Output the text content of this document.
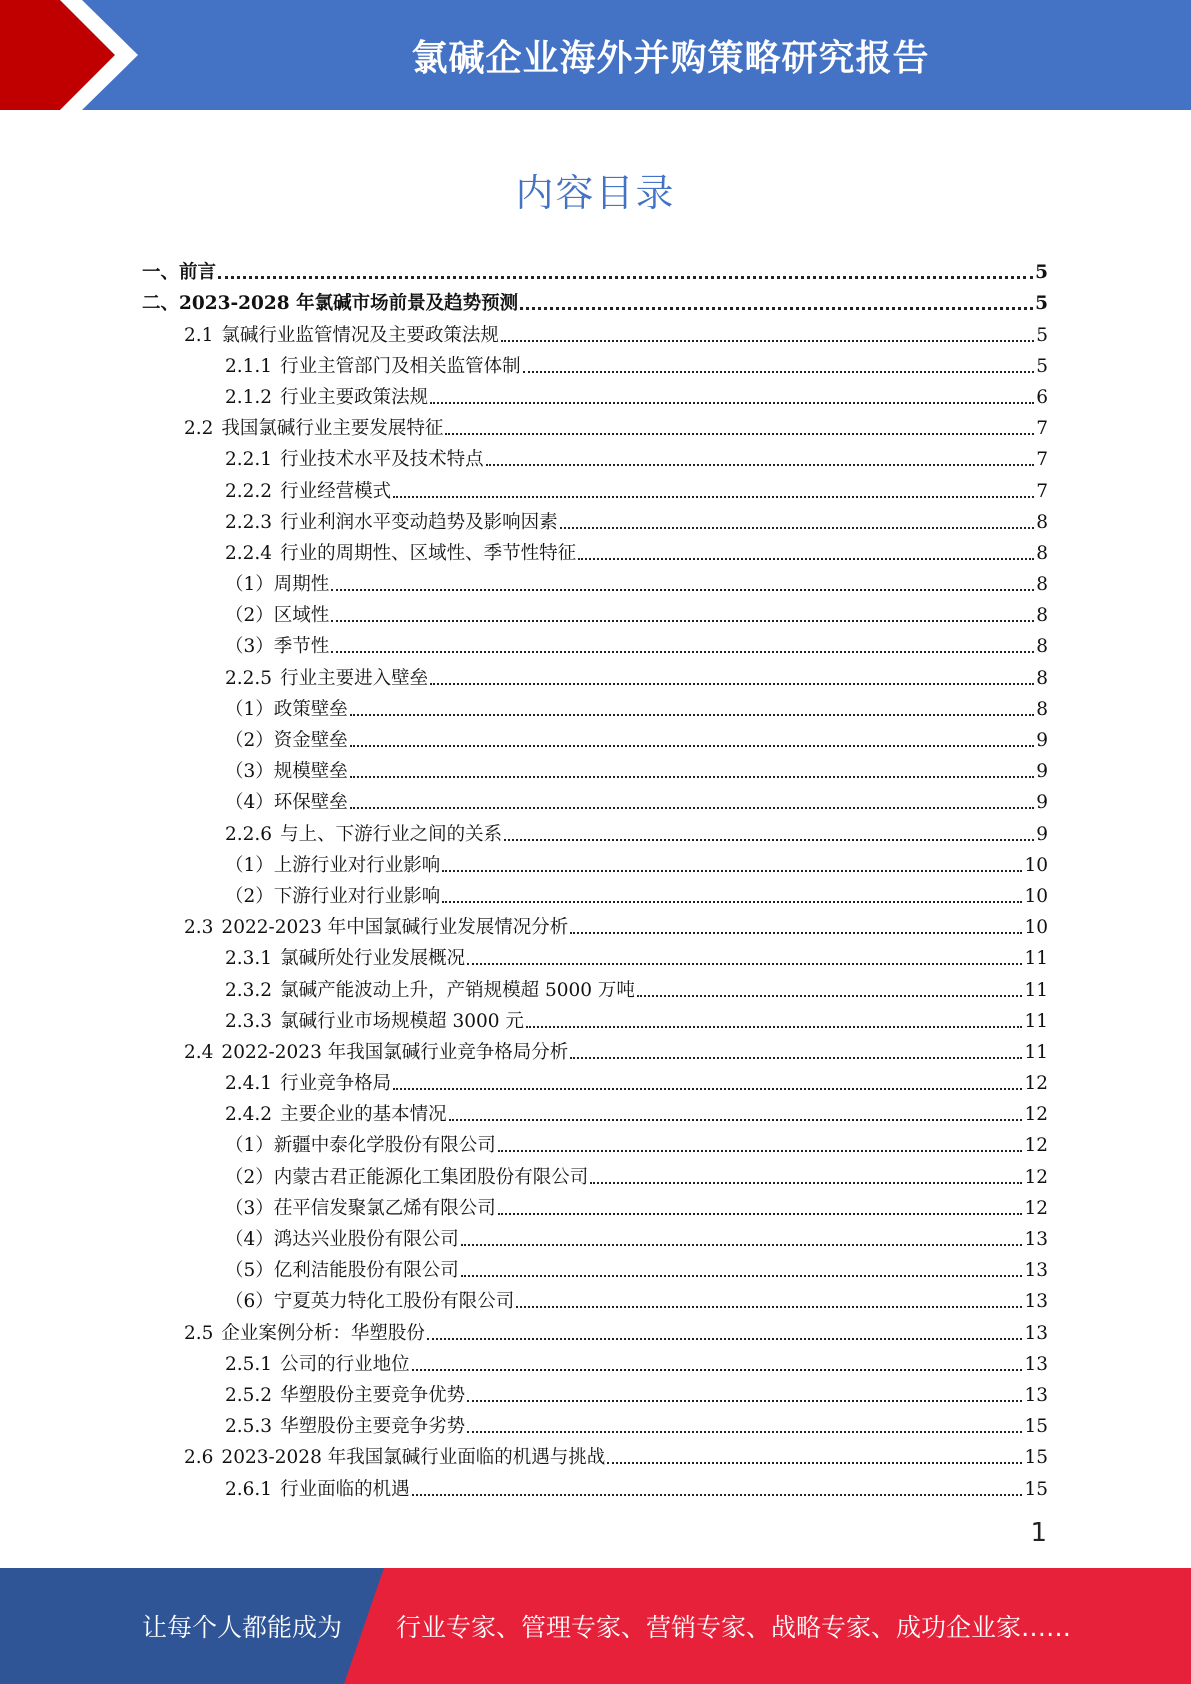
氯碱企业海外并购策略研究报告
内容目录
一、 前言	5
二、 2023-2028 年氯碱市场前景及趋势预测	5
2.1 氯碱行业监管情况及主要政策法规	5
2.1.1 行业主管部门及相关监管体制	5
2.1.2 行业主要政策法规	6
2.2 我国氯碱行业主要发展特征	7
2.2.1 行业技术水平及技术特点	7
2.2.2 行业经营模式	7
2.2.3 行业利润水平变动趋势及影响因素	8
2.2.4 行业的周期性、区域性、季节性特征	8
（1） 周期性	8
（2） 区域性	8
（3） 季节性	8
2.2.5 行业主要进入壁垒	8
（1） 政策壁垒	8
（2） 资金壁垒	9
（3） 规模壁垒	9
（4） 环保壁垒	9
2.2.6 与上、下游行业之间的关系	9
（1） 上游行业对行业影响	10
（2） 下游行业对行业影响	10
2.3 2022-2023 年中国氯碱行业发展情况分析	10
2.3.1 氯碱所处行业发展概况	11
2.3.2 氯碱产能波动上升，产销规模超 5000 万吨	11
2.3.3 氯碱行业市场规模超 3000 元	11
2.4 2022-2023 年我国氯碱行业竞争格局分析	11
2.4.1 行业竞争格局	12
2.4.2 主要企业的基本情况	12
（1） 新疆中泰化学股份有限公司	12
（2） 内蒙古君正能源化工集团股份有限公司	12
（3） 茌平信发聚氯乙烯有限公司	12
（4） 鸿达兴业股份有限公司	13
（5） 亿利洁能股份有限公司	13
（6） 宁夏英力特化工股份有限公司	13
2.5 企业案例分析：华塑股份	13
2.5.1 公司的行业地位	13
2.5.2 华塑股份主要竞争优势	13
2.5.3 华塑股份主要竞争劣势	15
2.6 2023-2028 年我国氯碱行业面临的机遇与挑战	15
2.6.1 行业面临的机遇	15
1
让每个人都能成为 行业专家、管理专家、营销专家、战略专家、成功企业家……
